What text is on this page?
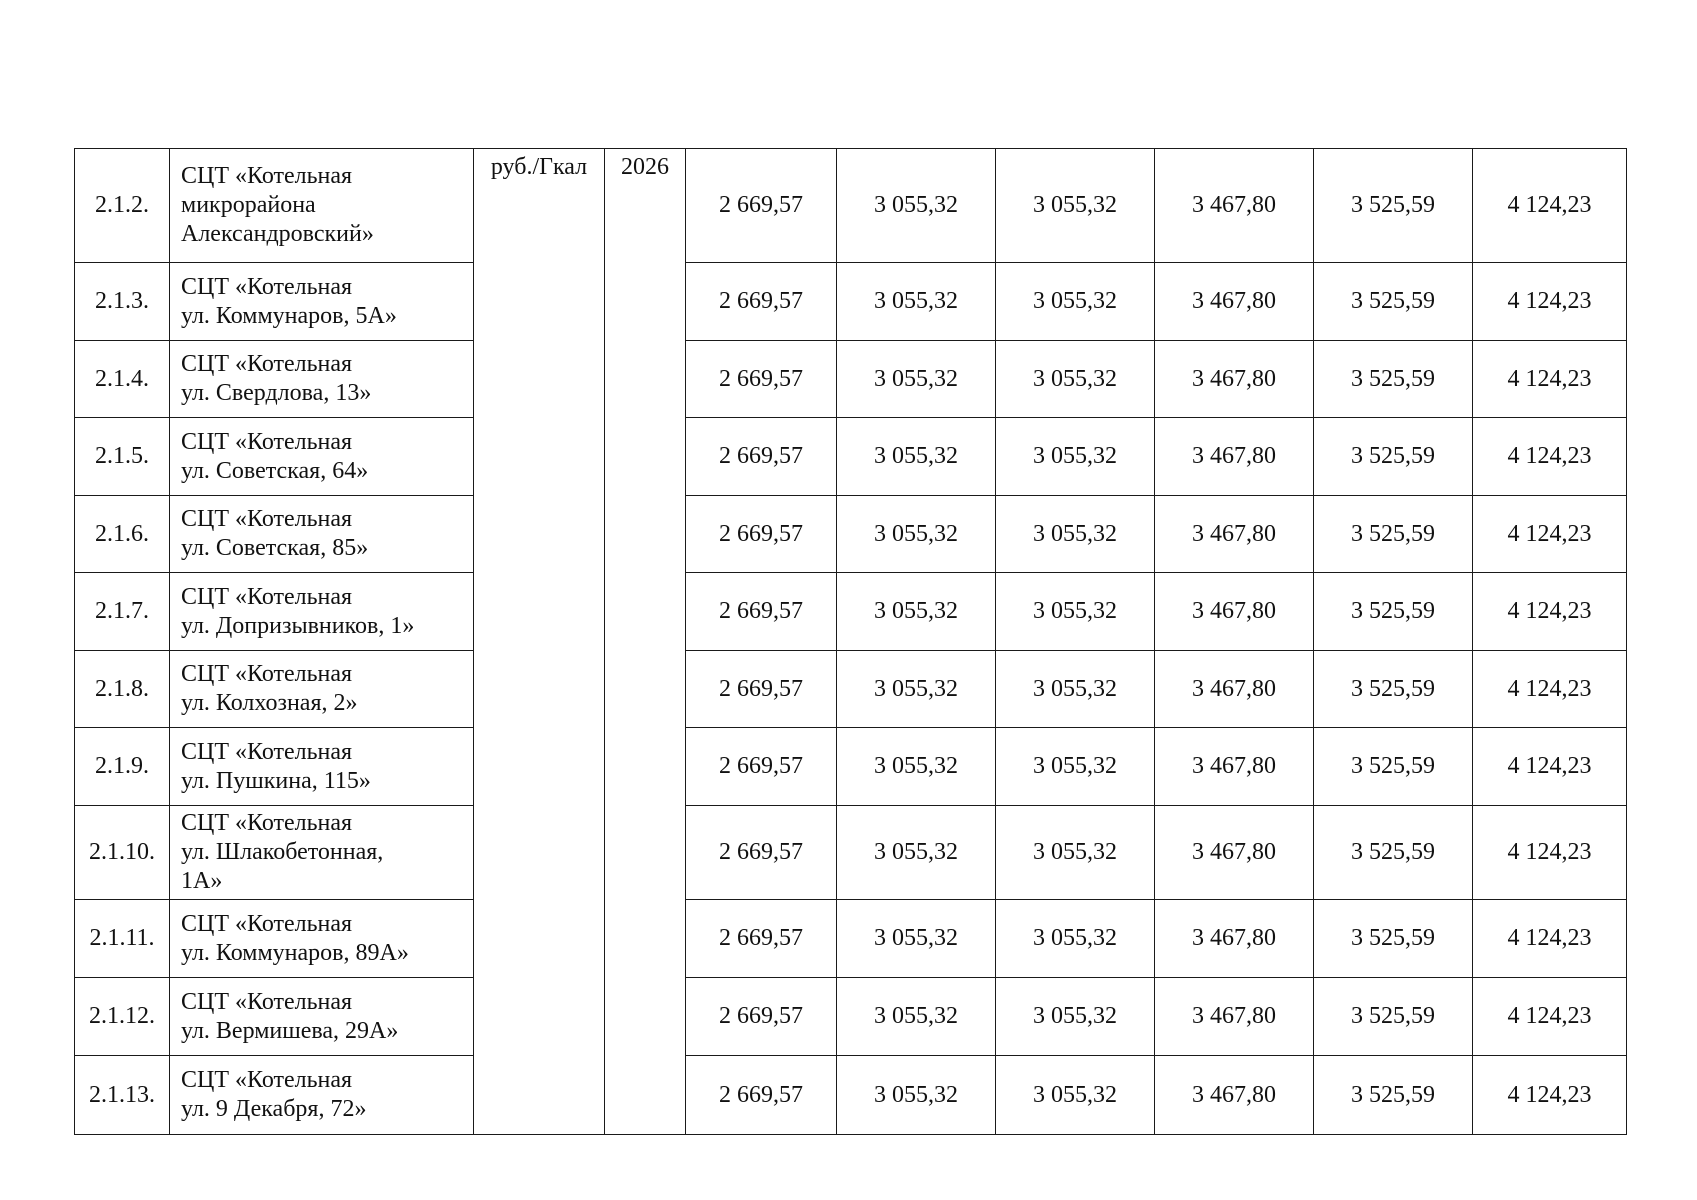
2.1.2.	СЦТ «Котельная
микрорайона
Александровский»	руб./Гкал	2026	2 669,57	3 055,32	3 055,32	3 467,80	3 525,59	4 124,23
2.1.3.	СЦТ «Котельная
ул. Коммунаров, 5А»			2 669,57	3 055,32	3 055,32	3 467,80	3 525,59	4 124,23
2.1.4.	СЦТ «Котельная
ул. Свердлова, 13»			2 669,57	3 055,32	3 055,32	3 467,80	3 525,59	4 124,23
2.1.5.	СЦТ «Котельная
ул. Советская, 64»			2 669,57	3 055,32	3 055,32	3 467,80	3 525,59	4 124,23
2.1.6.	СЦТ «Котельная
ул. Советская, 85»			2 669,57	3 055,32	3 055,32	3 467,80	3 525,59	4 124,23
2.1.7.	СЦТ «Котельная
ул. Допризывников, 1»			2 669,57	3 055,32	3 055,32	3 467,80	3 525,59	4 124,23
2.1.8.	СЦТ «Котельная
ул. Колхозная, 2»			2 669,57	3 055,32	3 055,32	3 467,80	3 525,59	4 124,23
2.1.9.	СЦТ «Котельная
ул. Пушкина, 115»			2 669,57	3 055,32	3 055,32	3 467,80	3 525,59	4 124,23
2.1.10.	СЦТ «Котельная
ул. Шлакобетонная,
1А»			2 669,57	3 055,32	3 055,32	3 467,80	3 525,59	4 124,23
2.1.11.	СЦТ «Котельная
ул. Коммунаров, 89А»			2 669,57	3 055,32	3 055,32	3 467,80	3 525,59	4 124,23
2.1.12.	СЦТ «Котельная
ул. Вермишева, 29А»			2 669,57	3 055,32	3 055,32	3 467,80	3 525,59	4 124,23
2.1.13.	СЦТ «Котельная
ул. 9 Декабря, 72»			2 669,57	3 055,32	3 055,32	3 467,80	3 525,59	4 124,23
